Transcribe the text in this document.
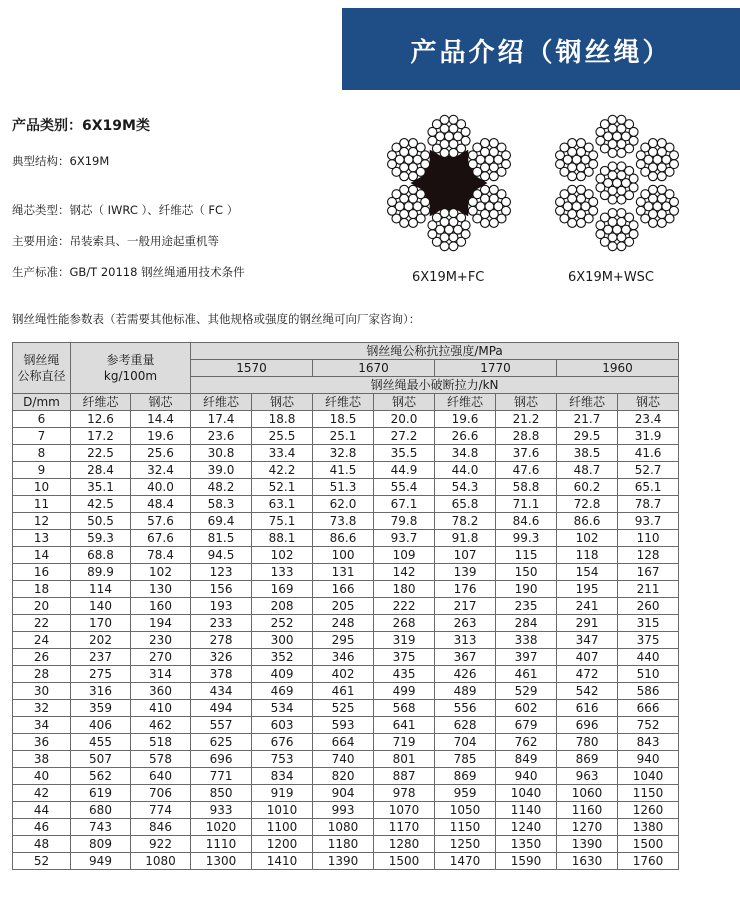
产品介绍（钢丝绳）
产品类别：6X19M类
典型结构：6X19M
绳芯类型：钢芯（ IWRC ）、纤维芯（ FC ）
主要用途：吊装索具、一般用途起重机等
生产标准：GB/T 20118 钢丝绳通用技术条件	6X19M+FC	6X19M+WSC
钢丝绳性能参数表（若需要其他标准、其他规格或强度的钢丝绳可向厂家咨询）：
钢丝绳
公称直径	参考重量
kg/100m		钢丝绳公称抗拉强度/MPa							
			1570		1670		1770		1960	
			钢丝绳最小破断拉力/kN							
D/mm	纤维芯	钢芯	纤维芯	钢芯	纤维芯	钢芯	纤维芯	钢芯	纤维芯	钢芯
6	12.6	14.4	17.4	18.8	18.5	20.0	19.6	21.2	21.7	23.4
7	17.2	19.6	23.6	25.5	25.1	27.2	26.6	28.8	29.5	31.9
8	22.5	25.6	30.8	33.4	32.8	35.5	34.8	37.6	38.5	41.6
9	28.4	32.4	39.0	42.2	41.5	44.9	44.0	47.6	48.7	52.7
10	35.1	40.0	48.2	52.1	51.3	55.4	54.3	58.8	60.2	65.1
11	42.5	48.4	58.3	63.1	62.0	67.1	65.8	71.1	72.8	78.7
12	50.5	57.6	69.4	75.1	73.8	79.8	78.2	84.6	86.6	93.7
13	59.3	67.6	81.5	88.1	86.6	93.7	91.8	99.3	102	110
14	68.8	78.4	94.5	102	100	109	107	115	118	128
16	89.9	102	123	133	131	142	139	150	154	167
18	114	130	156	169	166	180	176	190	195	211
20	140	160	193	208	205	222	217	235	241	260
22	170	194	233	252	248	268	263	284	291	315
24	202	230	278	300	295	319	313	338	347	375
26	237	270	326	352	346	375	367	397	407	440
28	275	314	378	409	402	435	426	461	472	510
30	316	360	434	469	461	499	489	529	542	586
32	359	410	494	534	525	568	556	602	616	666
34	406	462	557	603	593	641	628	679	696	752
36	455	518	625	676	664	719	704	762	780	843
38	507	578	696	753	740	801	785	849	869	940
40	562	640	771	834	820	887	869	940	963	1040
42	619	706	850	919	904	978	959	1040	1060	1150
44	680	774	933	1010	993	1070	1050	1140	1160	1260
46	743	846	1020	1100	1080	1170	1150	1240	1270	1380
48	809	922	1110	1200	1180	1280	1250	1350	1390	1500
52	949	1080	1300	1410	1390	1500	1470	1590	1630	1760
